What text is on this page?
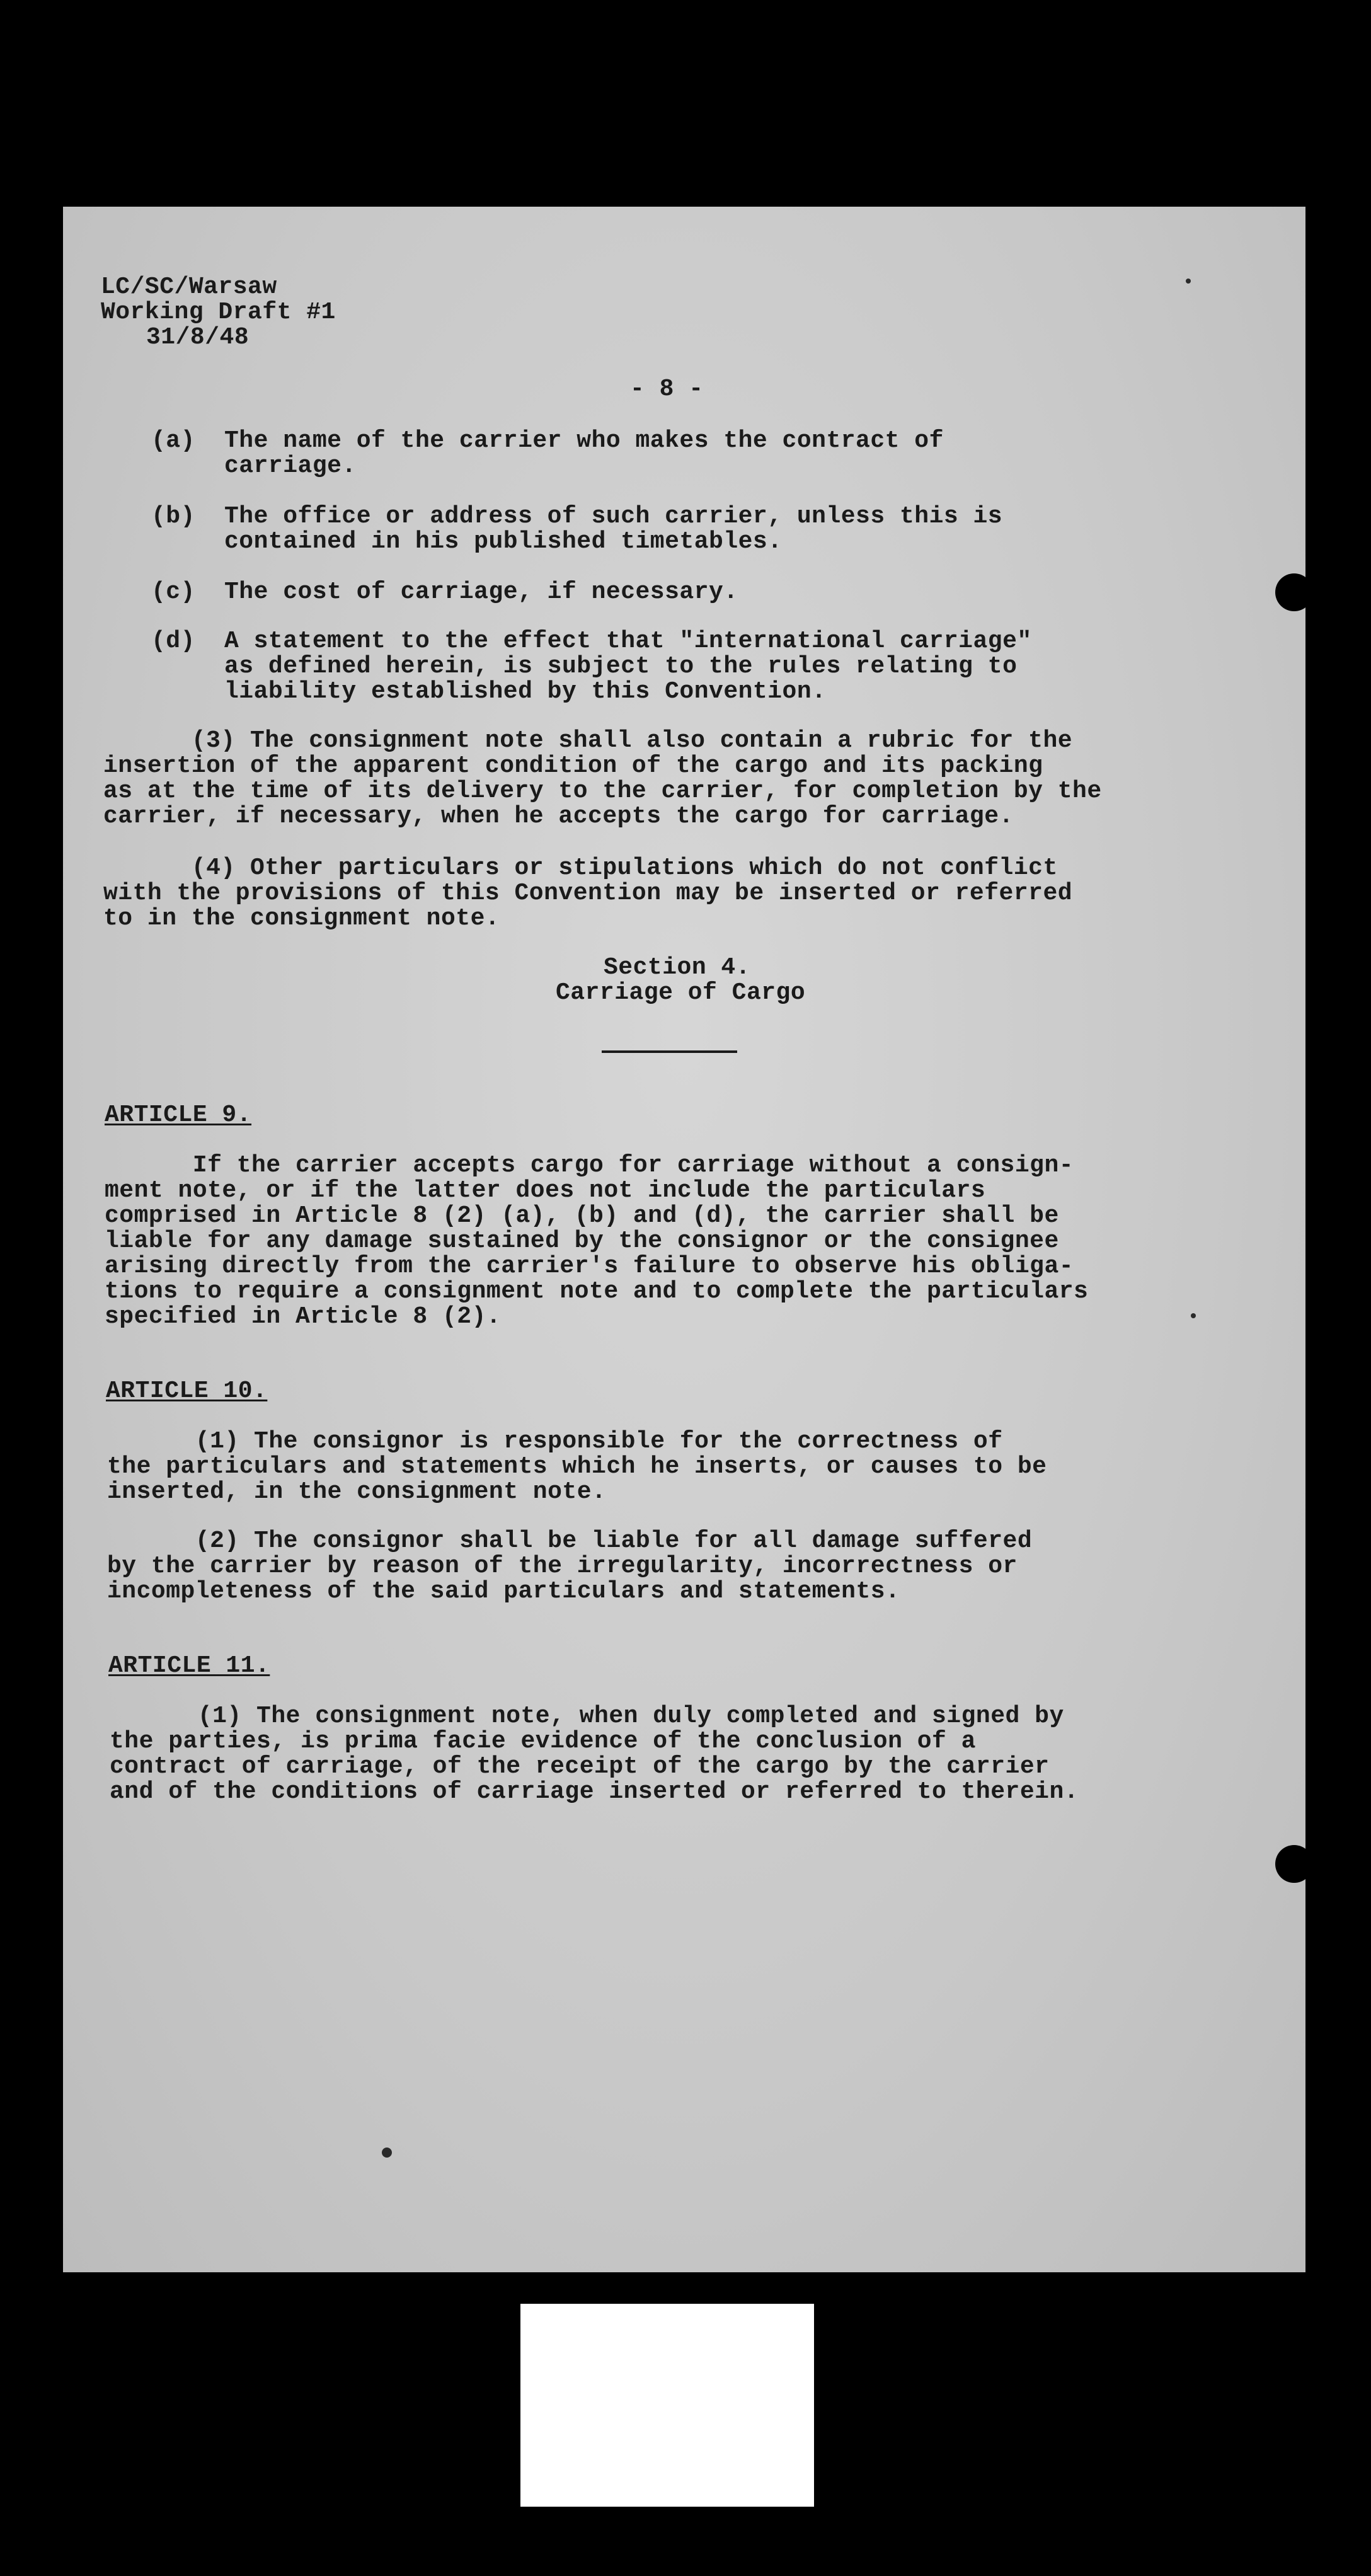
LC/SC/Warsaw
Working Draft #1
31/8/48
- 8 -
(a) The name of the carrier who makes the contract of
carriage.
(b) The office or address of such carrier, unless this is
contained in his published timetables.
(c) The cost of carriage, if necessary.
(d) A statement to the effect that "international carriage"
as defined herein, is subject to the rules relating to
liability established by this Convention.
(3) The consignment note shall also contain a rubric for the
insertion of the apparent condition of the cargo and its packing
as at the time of its delivery to the carrier, for completion by the
carrier, if necessary, when he accepts the cargo for carriage.
(4) Other particulars or stipulations which do not conflict
with the provisions of this Convention may be inserted or referred
to in the consignment note.
Section 4.
Carriage of Cargo
ARTICLE 9.
If the carrier accepts cargo for carriage without a consign-
ment note, or if the latter does not include the particulars
comprised in Article 8 (2) (a), (b) and (d), the carrier shall be
liable for any damage sustained by the consignor or the consignee
arising directly from the carrier's failure to observe his obliga-
tions to require a consignment note and to complete the particulars
specified in Article 8 (2).
ARTICLE 10.
(1) The consignor is responsible for the correctness of
the particulars and statements which he inserts, or causes to be
inserted, in the consignment note.
(2) The consignor shall be liable for all damage suffered
by the carrier by reason of the irregularity, incorrectness or
incompleteness of the said particulars and statements.
ARTICLE 11.
(1) The consignment note, when duly completed and signed by
the parties, is prima facie evidence of the conclusion of a
contract of carriage, of the receipt of the cargo by the carrier
and of the conditions of carriage inserted or referred to therein.
